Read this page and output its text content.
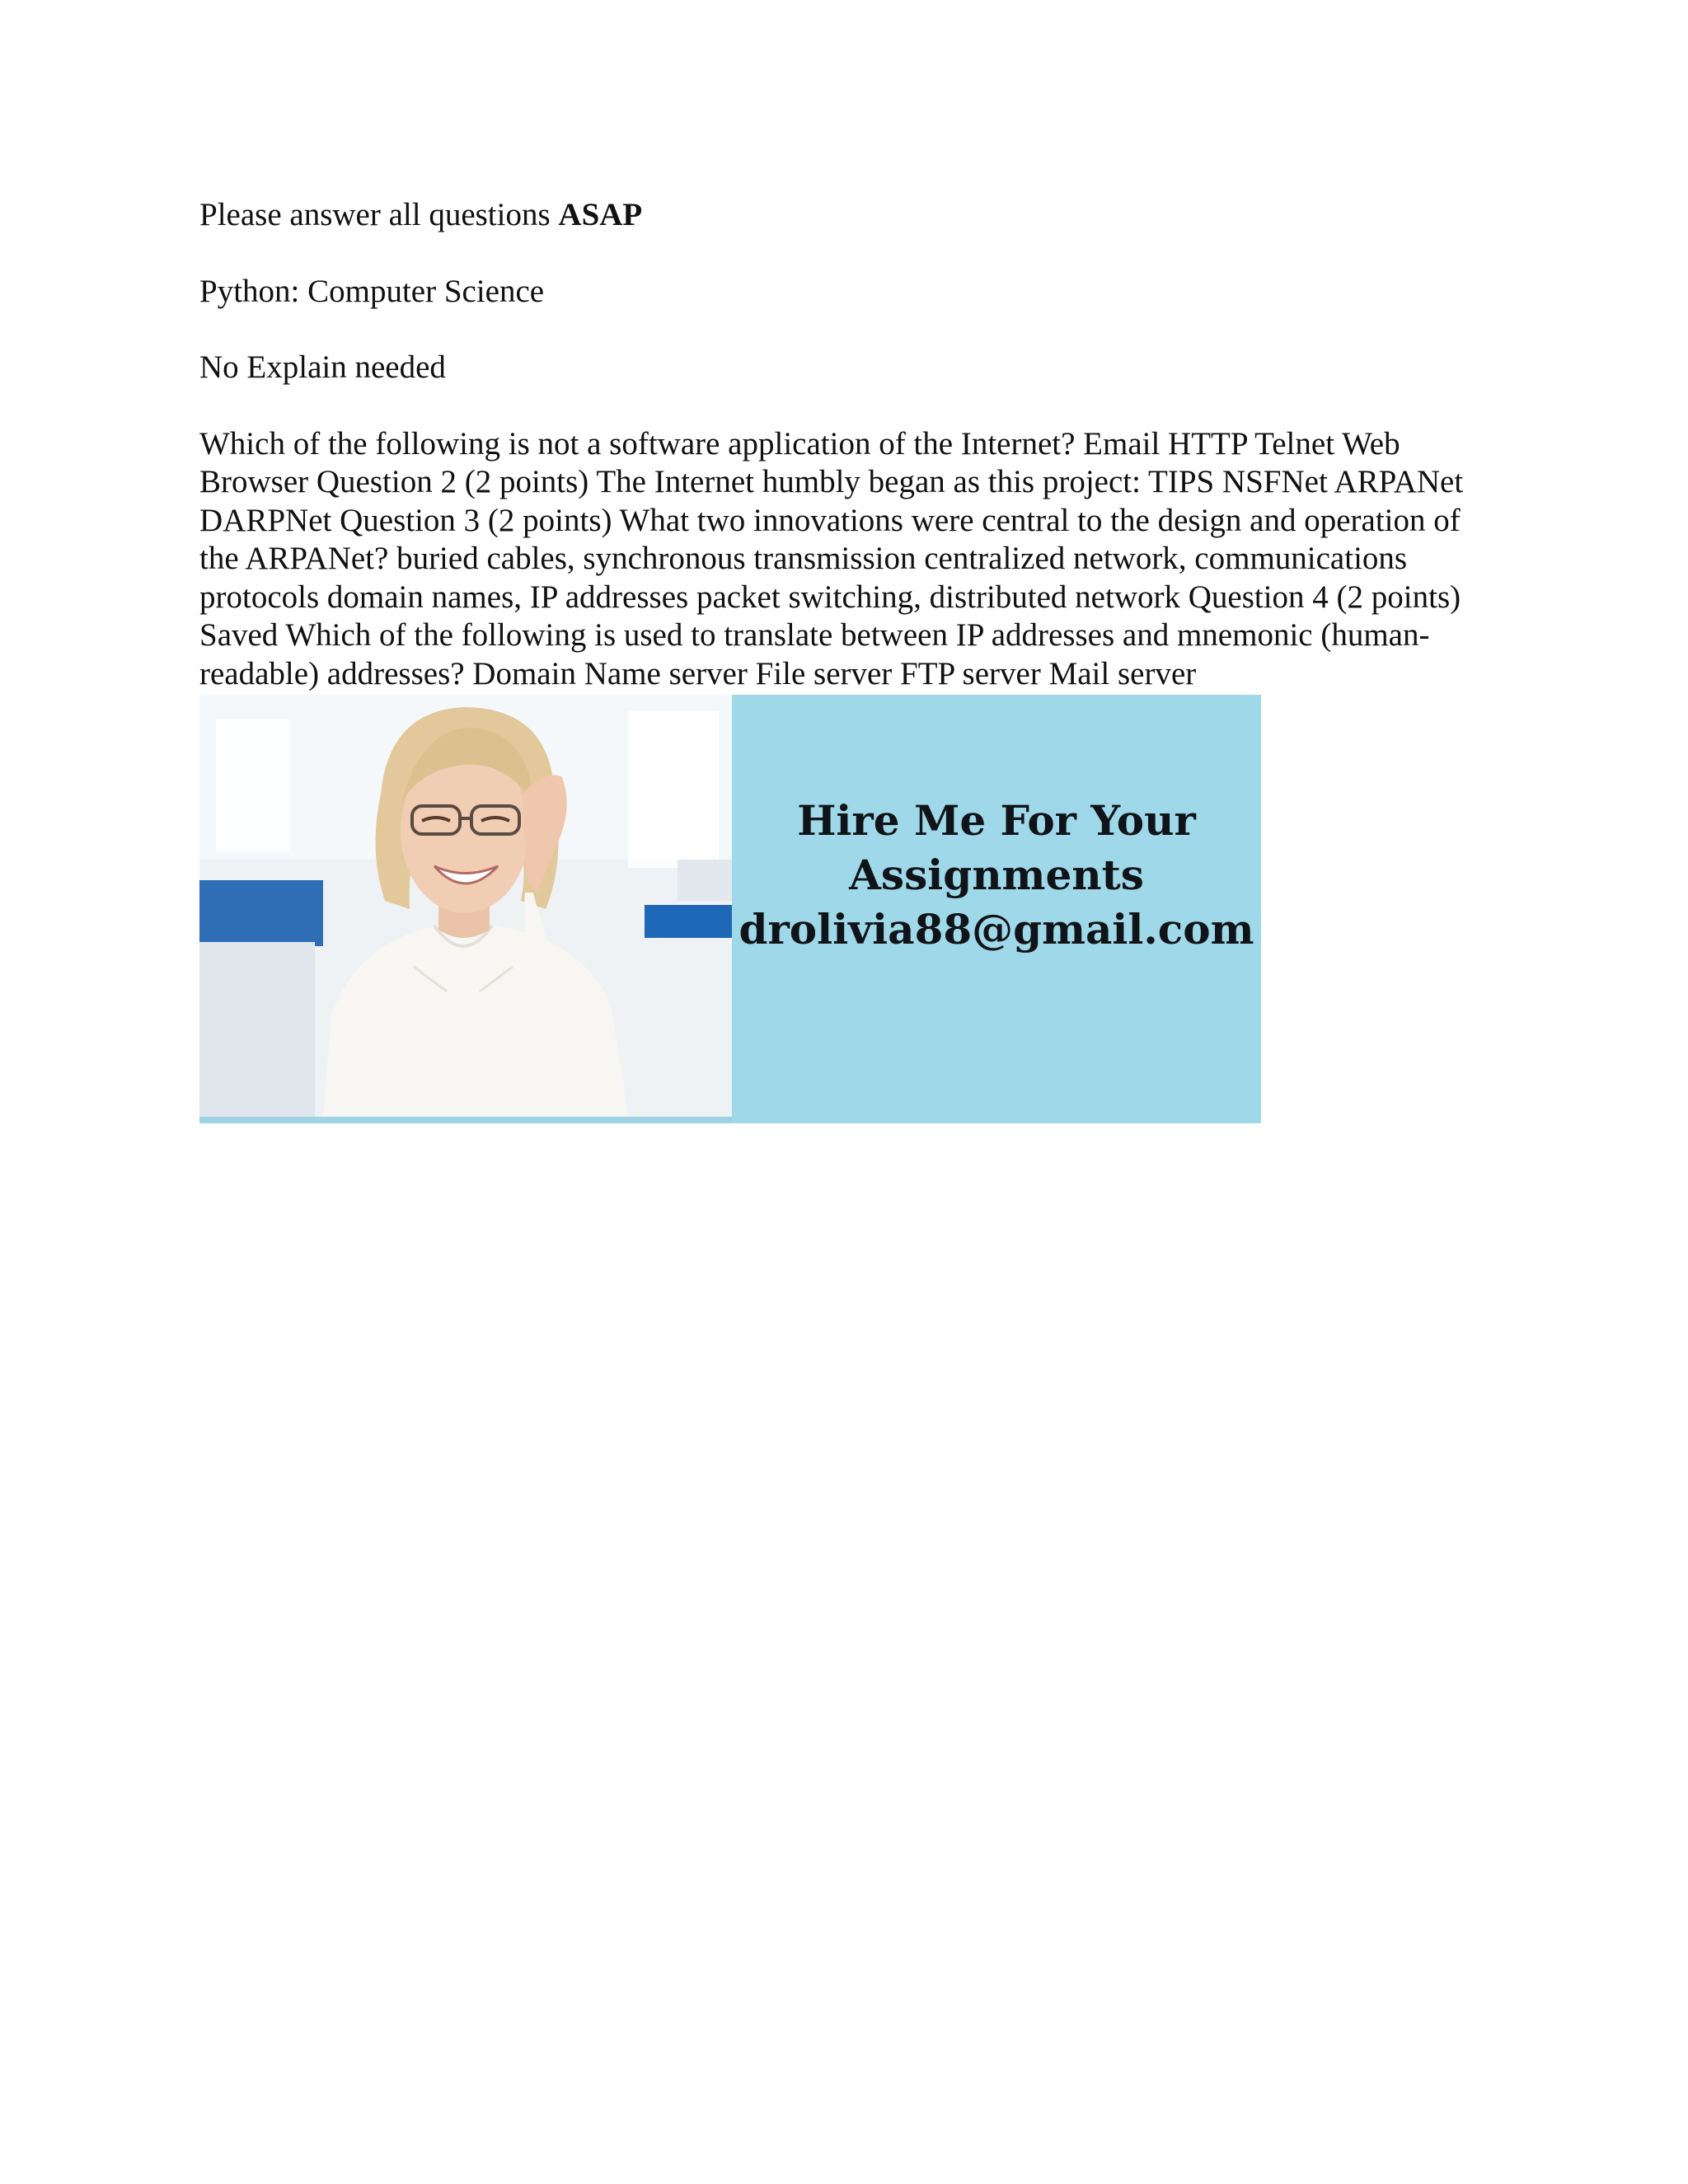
Please answer all questions ASAP

Python: Computer Science

No Explain needed

Which of the following is not a software application of the Internet? Email HTTP Telnet Web Browser Question 2 (2 points) The Internet humbly began as this project: TIPS NSFNet ARPANet DARPNet Question 3 (2 points) What two innovations were central to the design and operation of the ARPANet? buried cables, synchronous transmission centralized network, communications protocols domain names, IP addresses packet switching, distributed network Question 4 (2 points) Saved Which of the following is used to translate between IP addresses and mnemonic (human-readable) addresses? Domain Name server File server FTP server Mail server

Hire Me For Your
Assignments
drolivia88@gmail.com
